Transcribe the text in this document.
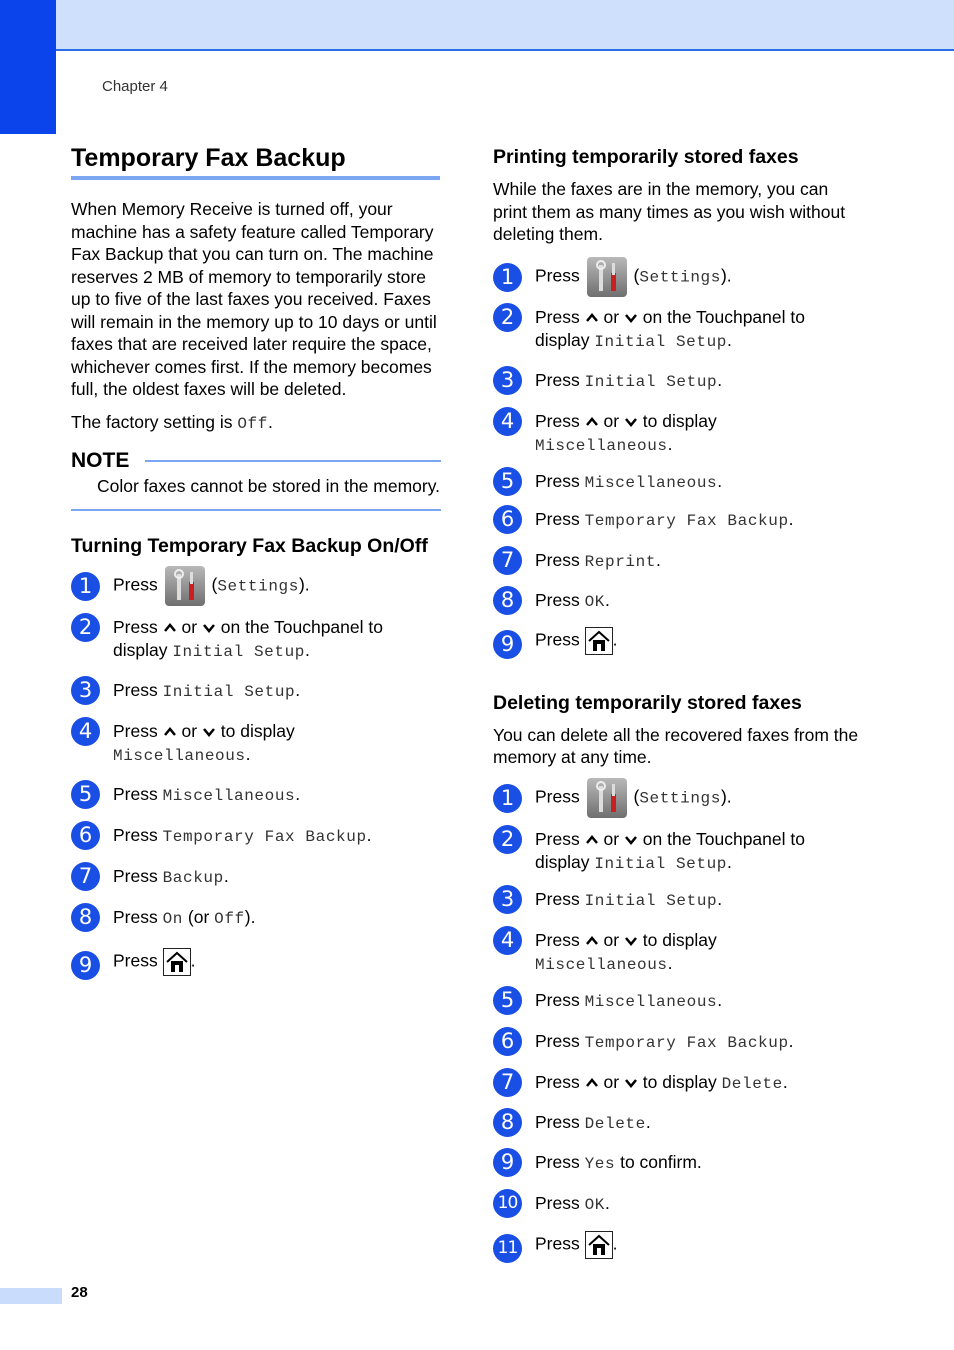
Chapter 4
Temporary Fax Backup

When Memory Receive is turned off, your machine has a safety feature called Temporary Fax Backup that you can turn on. The machine reserves 2 MB of memory to temporarily store up to five of the last faxes you received. Faxes will remain in the memory up to 10 days or until faxes that are received later require the space, whichever comes first. If the memory becomes full, the oldest faxes will be deleted.

The factory setting is Off.

NOTE

Color faxes cannot be stored in the memory.

Turning Temporary Fax Backup On/Off
1	Press	(Settings).
2	Press or on the Touchpanel to
display Initial Setup.
3	Press Initial Setup.
4	Press or to display
Miscellaneous.
5	Press Miscellaneous.
6	Press Temporary Fax Backup.
7	Press Backup.
8	Press On (or Off).
9	Press .
Printing temporarily stored faxes

While the faxes are in the memory, you can print them as many times as you wish without deleting them.

1	Press	(Settings).
2	Press or on the Touchpanel to
display Initial Setup.
3	Press Initial Setup.
4	Press or to display
Miscellaneous.
5	Press Miscellaneous.
6	Press Temporary Fax Backup.
7	Press Reprint.
8	Press OK.
9	Press .
Deleting temporarily stored faxes

You can delete all the recovered faxes from the memory at any time.

1	Press	(Settings).
2	Press or on the Touchpanel to
display Initial Setup.
3	Press Initial Setup.
4	Press or to display
Miscellaneous.
5	Press Miscellaneous.
6	Press Temporary Fax Backup.
7	Press or to display Delete.
8	Press Delete.
9	Press Yes to confirm.
10 Press OK.
11 Press .
28
